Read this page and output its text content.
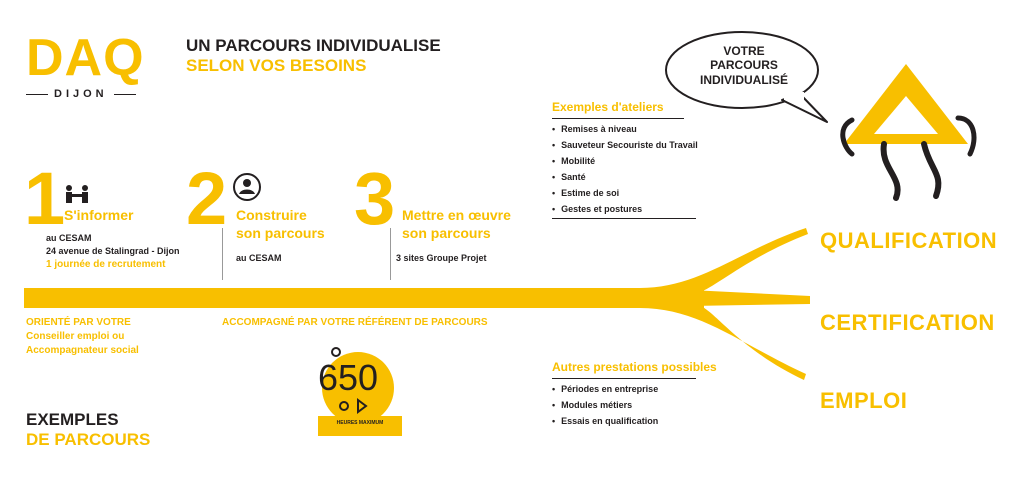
DAQ
DIJON
UN PARCOURS INDIVIDUALISE
SELON VOS BESOINS
VOTRE
PARCOURS
INDIVIDUALISÉ
Exemples d'ateliers
• Remises à niveau
• Sauveteur Secouriste du Travail
• Mobilité
• Santé
• Estime de soi
• Gestes et postures
1
S'informer
au CESAM
24 avenue de Stalingrad - Dijon
1 journée de recrutement
2 Construire
son parcours
au CESAM
3 Mettre en œuvre
son parcours
3 sites Groupe Projet
QUALIFICATION
CERTIFICATION
EMPLOI
ORIENTÉ PAR VOTRE
Conseiller emploi ou
Accompagnateur social
ACCOMPAGNÉ PAR VOTRE RÉFÉRENT DE PARCOURS
650
HEURES MAXIMUM
Autres prestations possibles
• Périodes en entreprise
• Modules métiers
• Essais en qualification
EXEMPLES
DE PARCOURS
